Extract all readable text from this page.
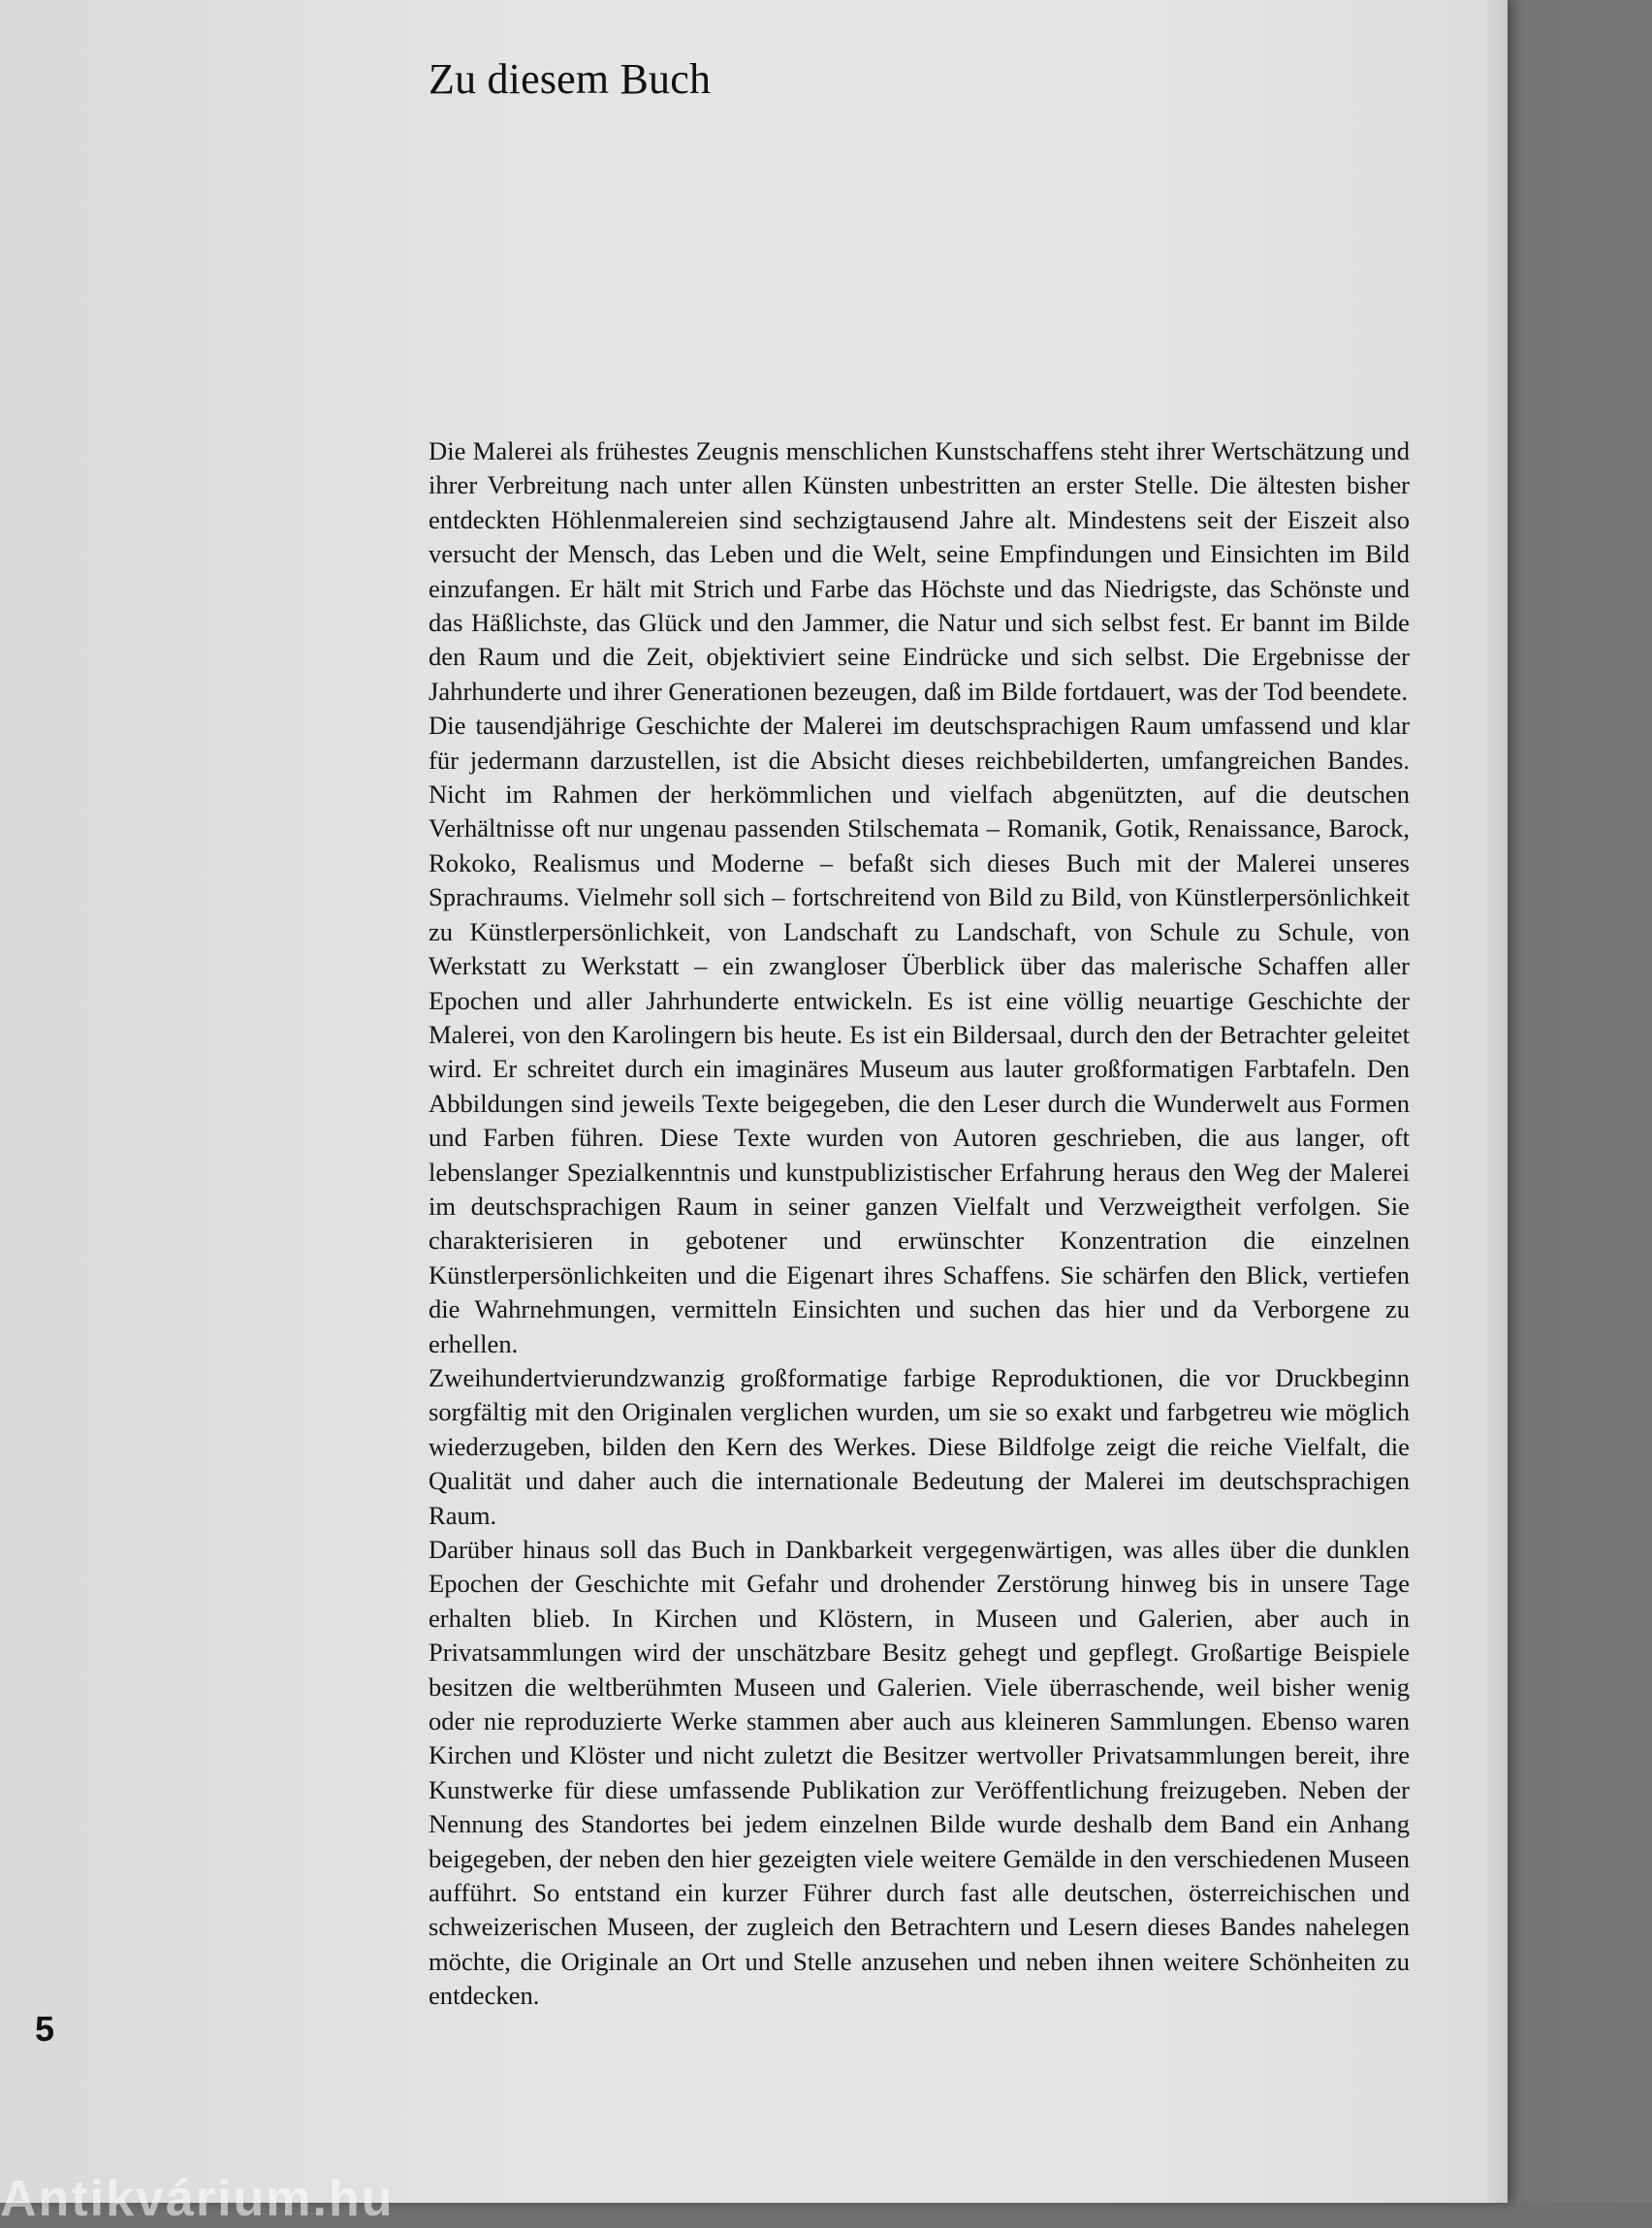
Zu diesem Buch

Die Malerei als frühestes Zeugnis menschlichen Kunstschaffens steht ihrer Wertschätzung und ihrer Verbreitung nach unter allen Künsten unbestritten an erster Stelle. Die ältesten bisher entdeckten Höhlenmalereien sind sechzigtausend Jahre alt. Mindestens seit der Eiszeit also versucht der Mensch, das Leben und die Welt, seine Empfindungen und Einsichten im Bild einzufangen. Er hält mit Strich und Farbe das Höchste und das Niedrigste, das Schönste und das Häßlichste, das Glück und den Jammer, die Natur und sich selbst fest. Er bannt im Bilde den Raum und die Zeit, objektiviert seine Eindrücke und sich selbst. Die Ergebnisse der Jahrhunderte und ihrer Generationen bezeugen, daß im Bilde fortdauert, was der Tod beendete.

Die tausendjährige Geschichte der Malerei im deutschsprachigen Raum umfassend und klar für jedermann darzustellen, ist die Absicht dieses reichbebilderten, umfangreichen Bandes. Nicht im Rahmen der herkömmlichen und vielfach abgenützten, auf die deutschen Verhältnisse oft nur ungenau passenden Stilschemata – Romanik, Gotik, Renaissance, Barock, Rokoko, Realismus und Moderne – befaßt sich dieses Buch mit der Malerei unseres Sprachraums. Vielmehr soll sich – fortschreitend von Bild zu Bild, von Künstlerpersönlichkeit zu Künstlerpersönlichkeit, von Landschaft zu Landschaft, von Schule zu Schule, von Werkstatt zu Werkstatt – ein zwangloser Überblick über das malerische Schaffen aller Epochen und aller Jahrhunderte entwickeln. Es ist eine völlig neuartige Geschichte der Malerei, von den Karolingern bis heute. Es ist ein Bildersaal, durch den der Betrachter geleitet wird. Er schreitet durch ein imaginäres Museum aus lauter großformatigen Farbtafeln. Den Abbildungen sind jeweils Texte beigegeben, die den Leser durch die Wunderwelt aus Formen und Farben führen. Diese Texte wurden von Autoren geschrieben, die aus langer, oft lebenslanger Spezialkenntnis und kunstpublizistischer Erfahrung heraus den Weg der Malerei im deutschsprachigen Raum in seiner ganzen Vielfalt und Verzweigtheit verfolgen. Sie charakterisieren in gebotener und erwünschter Konzentration die einzelnen Künstlerpersönlichkeiten und die Eigenart ihres Schaffens. Sie schärfen den Blick, vertiefen die Wahrnehmungen, vermitteln Einsichten und suchen das hier und da Verborgene zu erhellen.

Zweihundertvierundzwanzig großformatige farbige Reproduktionen, die vor Druckbeginn sorgfältig mit den Originalen verglichen wurden, um sie so exakt und farbgetreu wie möglich wiederzugeben, bilden den Kern des Werkes. Diese Bildfolge zeigt die reiche Vielfalt, die Qualität und daher auch die internationale Bedeutung der Malerei im deutschsprachigen Raum.

Darüber hinaus soll das Buch in Dankbarkeit vergegenwärtigen, was alles über die dunklen Epochen der Geschichte mit Gefahr und drohender Zerstörung hinweg bis in unsere Tage erhalten blieb. In Kirchen und Klöstern, in Museen und Galerien, aber auch in Privatsammlungen wird der unschätzbare Besitz gehegt und gepflegt. Großartige Beispiele besitzen die weltberühmten Museen und Galerien. Viele überraschende, weil bisher wenig oder nie reproduzierte Werke stammen aber auch aus kleineren Sammlungen. Ebenso waren Kirchen und Klöster und nicht zuletzt die Besitzer wertvoller Privatsammlungen bereit, ihre Kunstwerke für diese umfassende Publikation zur Veröffentlichung freizugeben. Neben der Nennung des Standortes bei jedem einzelnen Bilde wurde deshalb dem Band ein Anhang beigegeben, der neben den hier gezeigten viele weitere Gemälde in den verschiedenen Museen aufführt. So entstand ein kurzer Führer durch fast alle deutschen, österreichischen und schweizerischen Museen, der zugleich den Betrachtern und Lesern dieses Bandes nahelegen möchte, die Originale an Ort und Stelle anzusehen und neben ihnen weitere Schönheiten zu entdecken.

5
Antikvárium.hu
